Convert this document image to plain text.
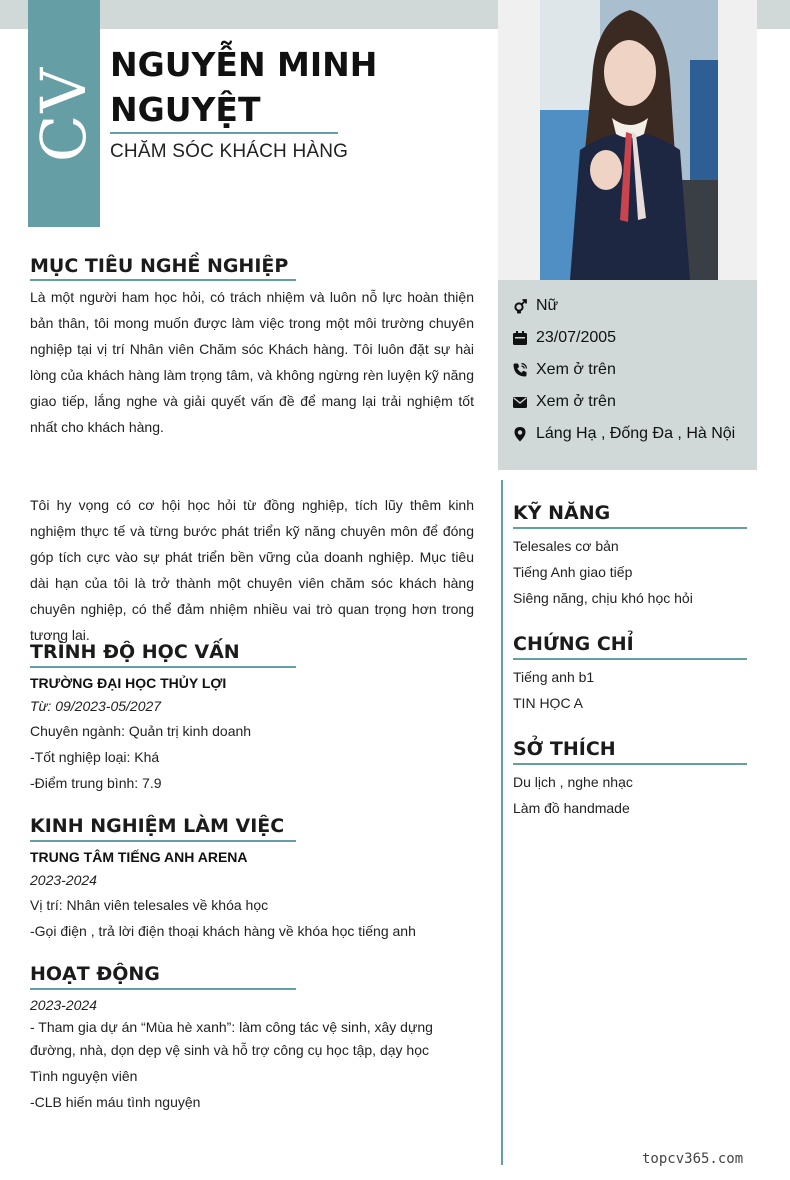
CV
NGUYỄN MINH NGUYỆT
CHĂM SÓC KHÁCH HÀNG
Nữ
23/07/2005
Xem ở trên
Xem ở trên
Láng Hạ , Đống Đa , Hà Nội
MỤC TIÊU NGHỀ NGHIỆP

Là một người ham học hỏi, có trách nhiệm và luôn nỗ lực hoàn thiện bản thân, tôi mong muốn được làm việc trong một môi trường chuyên nghiệp tại vị trí Nhân viên Chăm sóc Khách hàng. Tôi luôn đặt sự hài lòng của khách hàng làm trọng tâm, và không ngừng rèn luyện kỹ năng giao tiếp, lắng nghe và giải quyết vấn đề để mang lại trải nghiệm tốt nhất cho khách hàng.

Tôi hy vọng có cơ hội học hỏi từ đồng nghiệp, tích lũy thêm kinh nghiệm thực tế và từng bước phát triển kỹ năng chuyên môn để đóng góp tích cực vào sự phát triển bền vững của doanh nghiệp. Mục tiêu dài hạn của tôi là trở thành một chuyên viên chăm sóc khách hàng chuyên nghiệp, có thể đảm nhiệm nhiều vai trò quan trọng hơn trong tương lai.

TRÌNH ĐỘ HỌC VẤN
TRƯỜNG ĐẠI HỌC THỦY LỢI
Từ: 09/2023-05/2027
Chuyên ngành: Quản trị kinh doanh
-Tốt nghiệp loại: Khá
-Điểm trung bình: 7.9
KINH NGHIỆM LÀM VIỆC
TRUNG TÂM TIẾNG ANH ARENA
2023-2024
Vị trí: Nhân viên telesales về khóa học
-Gọi điện , trả lời điện thoại khách hàng về khóa học tiếng anh
HOẠT ĐỘNG
2023-2024

- Tham gia dự án “Mùa hè xanh”: làm công tác vệ sinh, xây dựng đường, nhà, dọn dẹp vệ sinh và hỗ trợ công cụ học tập, dạy học

Tình nguyện viên
-CLB hiến máu tình nguyện
KỸ NĂNG
Telesales cơ bản
Tiếng Anh giao tiếp
Siêng năng, chịu khó học hỏi
CHỨNG CHỈ
Tiếng anh b1
TIN HỌC A
SỞ THÍCH
Du lịch , nghe nhạc
Làm đồ handmade
topcv365.com
